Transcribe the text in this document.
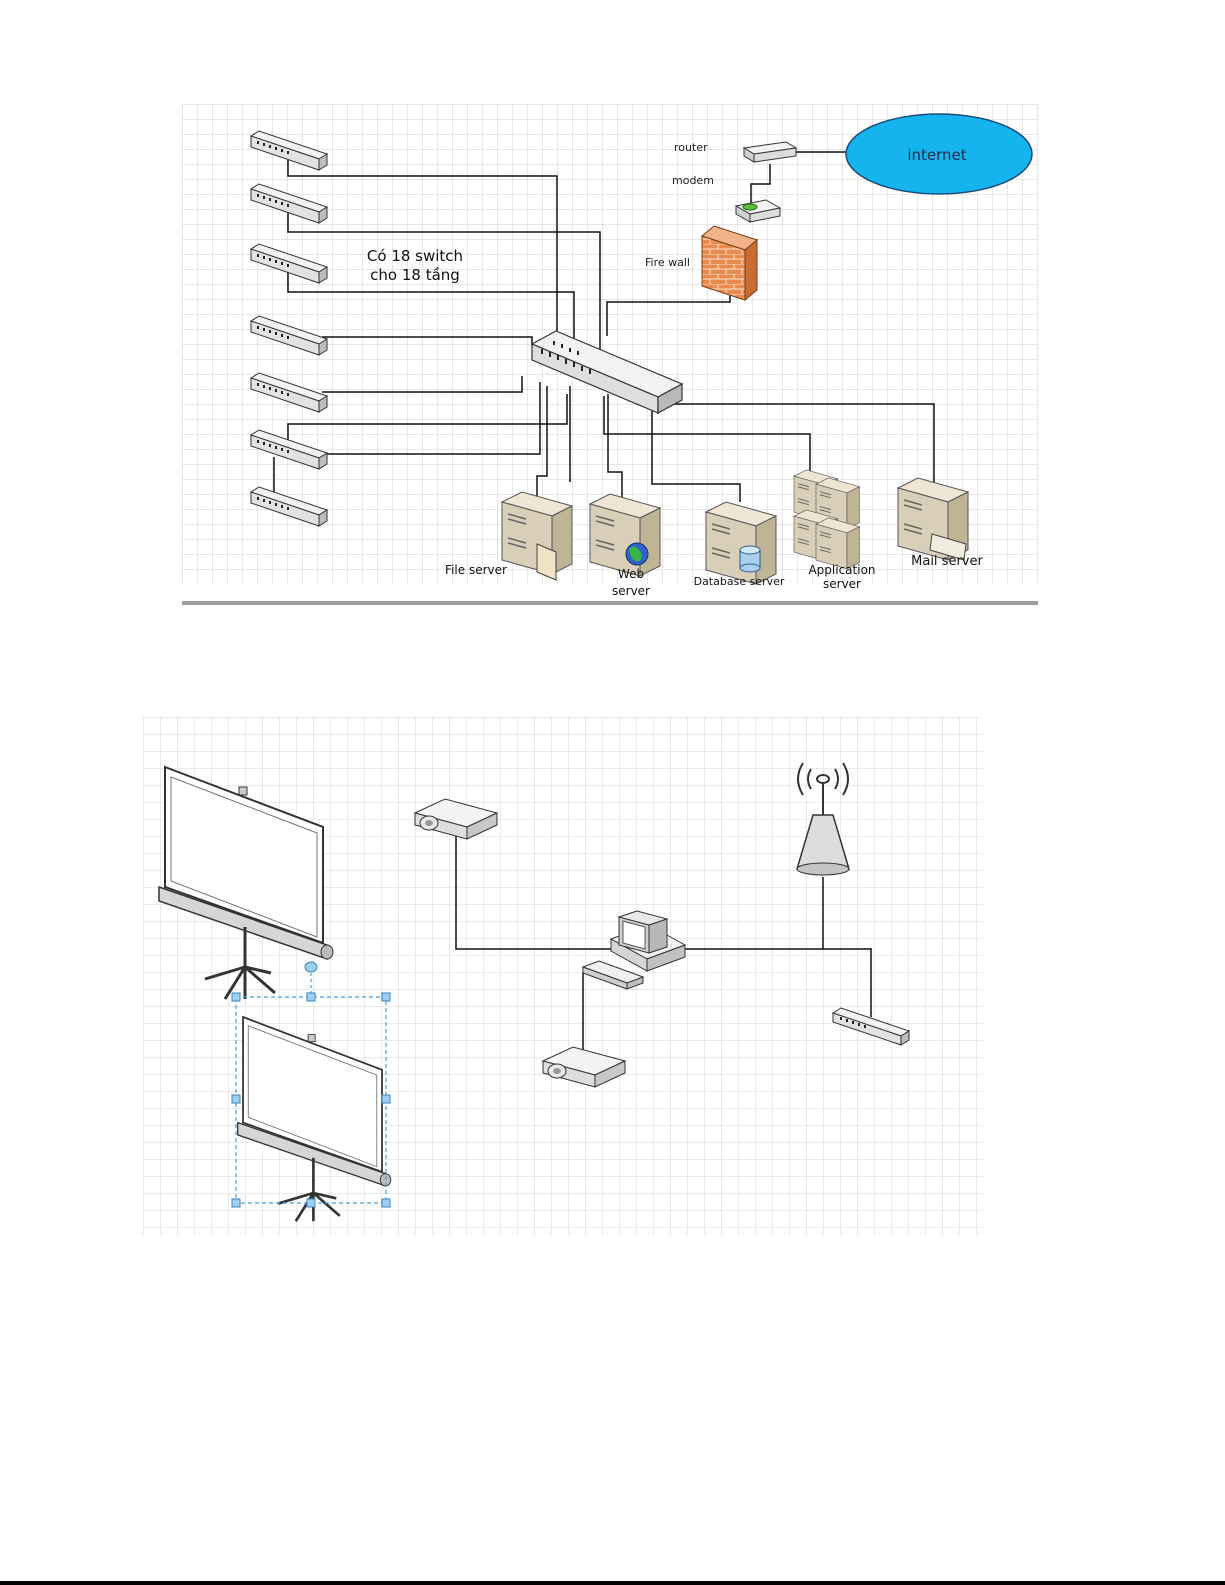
internet
router
modem
Fire wall
Có 18 switch
cho 18 tầng
File server	Web
server
Database server
Application
server
Mail server
